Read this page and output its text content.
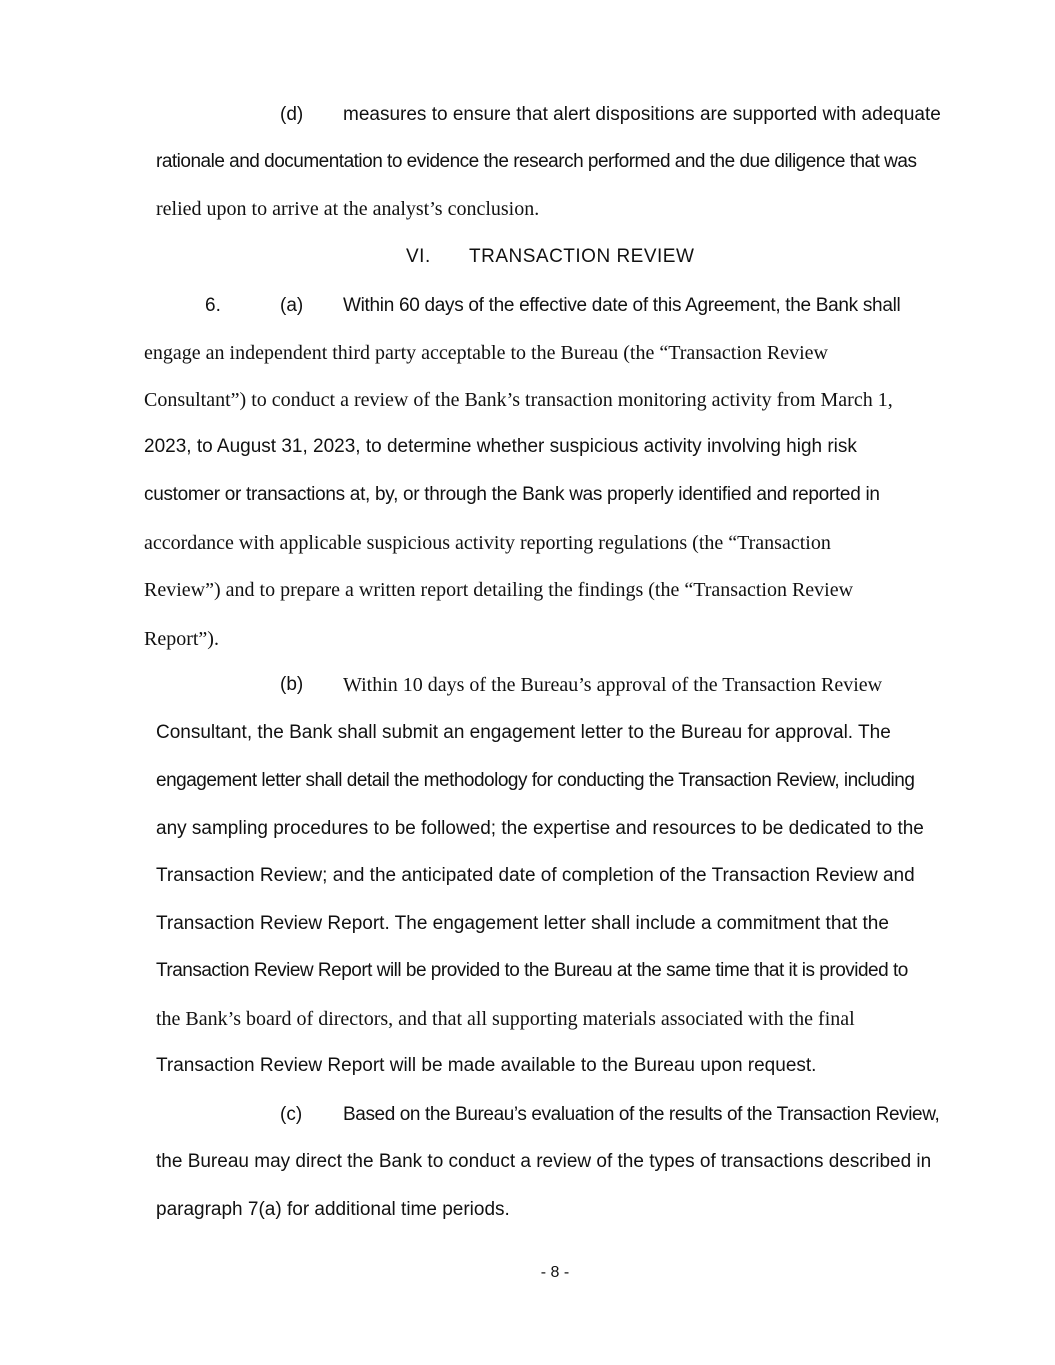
(d) measures to ensure that alert dispositions are supported with adequate
rationale and documentation to evidence the research performed and the due diligence that was
relied upon to arrive at the analyst’s conclusion.
VI. TRANSACTION REVIEW
6.	(a) Within 60 days of the effective date of this Agreement, the Bank shall
engage an independent third party acceptable to the Bureau (the “Transaction Review
Consultant”) to conduct a review of the Bank’s transaction monitoring activity from March 1,
2023, to August 31, 2023, to determine whether suspicious activity involving high risk
customer or transactions at, by, or through the Bank was properly identified and reported in
accordance with applicable suspicious activity reporting regulations (the “Transaction
Review”) and to prepare a written report detailing the findings (the “Transaction Review
Report”).
(b) Within 10 days of the Bureau’s approval of the Transaction Review
Consultant, the Bank shall submit an engagement letter to the Bureau for approval. The
engagement letter shall detail the methodology for conducting the Transaction Review, including
any sampling procedures to be followed; the expertise and resources to be dedicated to the
Transaction Review; and the anticipated date of completion of the Transaction Review and
Transaction Review Report. The engagement letter shall include a commitment that the
Transaction Review Report will be provided to the Bureau at the same time that it is provided to
the Bank’s board of directors, and that all supporting materials associated with the final
Transaction Review Report will be made available to the Bureau upon request.
(c) Based on the Bureau’s evaluation of the results of the Transaction Review,
the Bureau may direct the Bank to conduct a review of the types of transactions described in
paragraph 7(a) for additional time periods.
- 8 -
